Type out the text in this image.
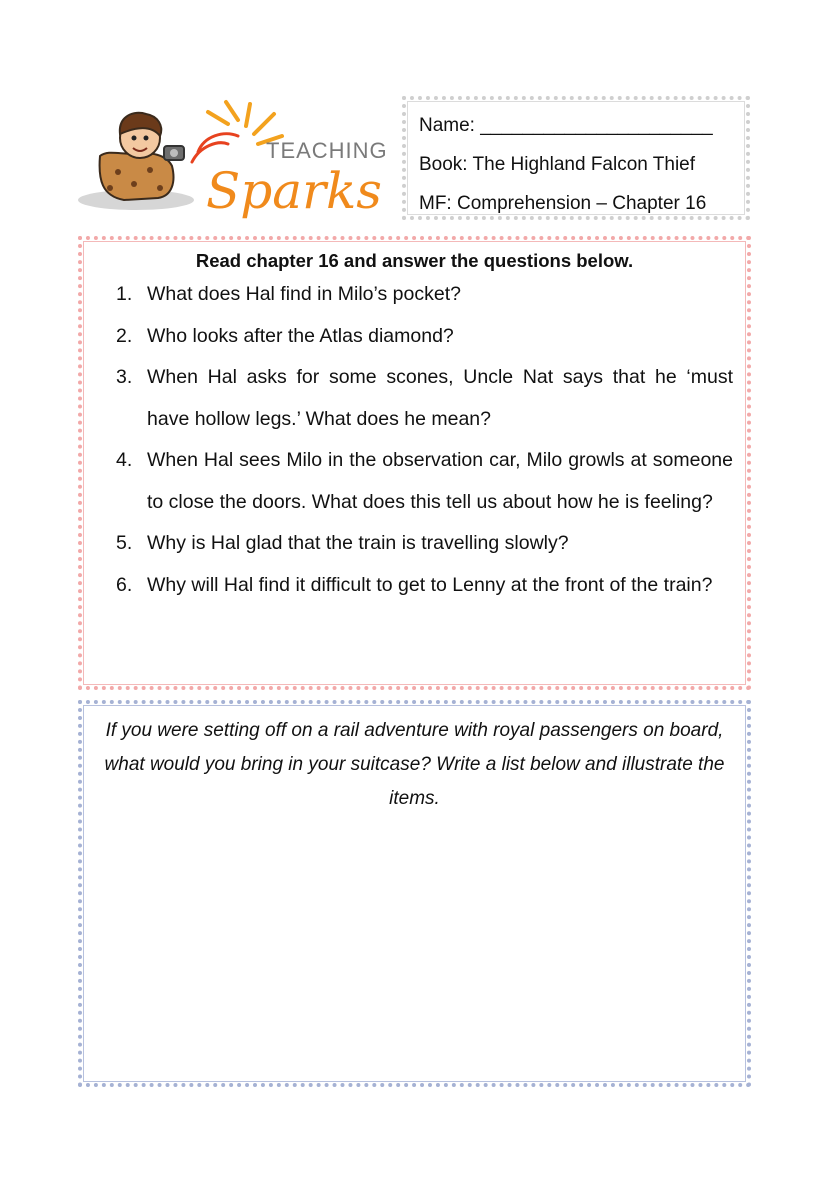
TEACHING
Sparks
Name: ______________________
Book: The Highland Falcon Thief
MF: Comprehension – Chapter 16
Read chapter 16 and answer the questions below.
1. What does Hal find in Milo’s pocket?
2. Who looks after the Atlas diamond?
3. When Hal asks for some scones, Uncle Nat says that he ‘must have hollow legs.’ What does he mean?
4. When Hal sees Milo in the observation car, Milo growls at someone to close the doors. What does this tell us about how he is feeling?
5. Why is Hal glad that the train is travelling slowly?
6. Why will Hal find it difficult to get to Lenny at the front of the train?
If you were setting off on a rail adventure with royal passengers on board, what would you bring in your suitcase? Write a list below and illustrate the items.
